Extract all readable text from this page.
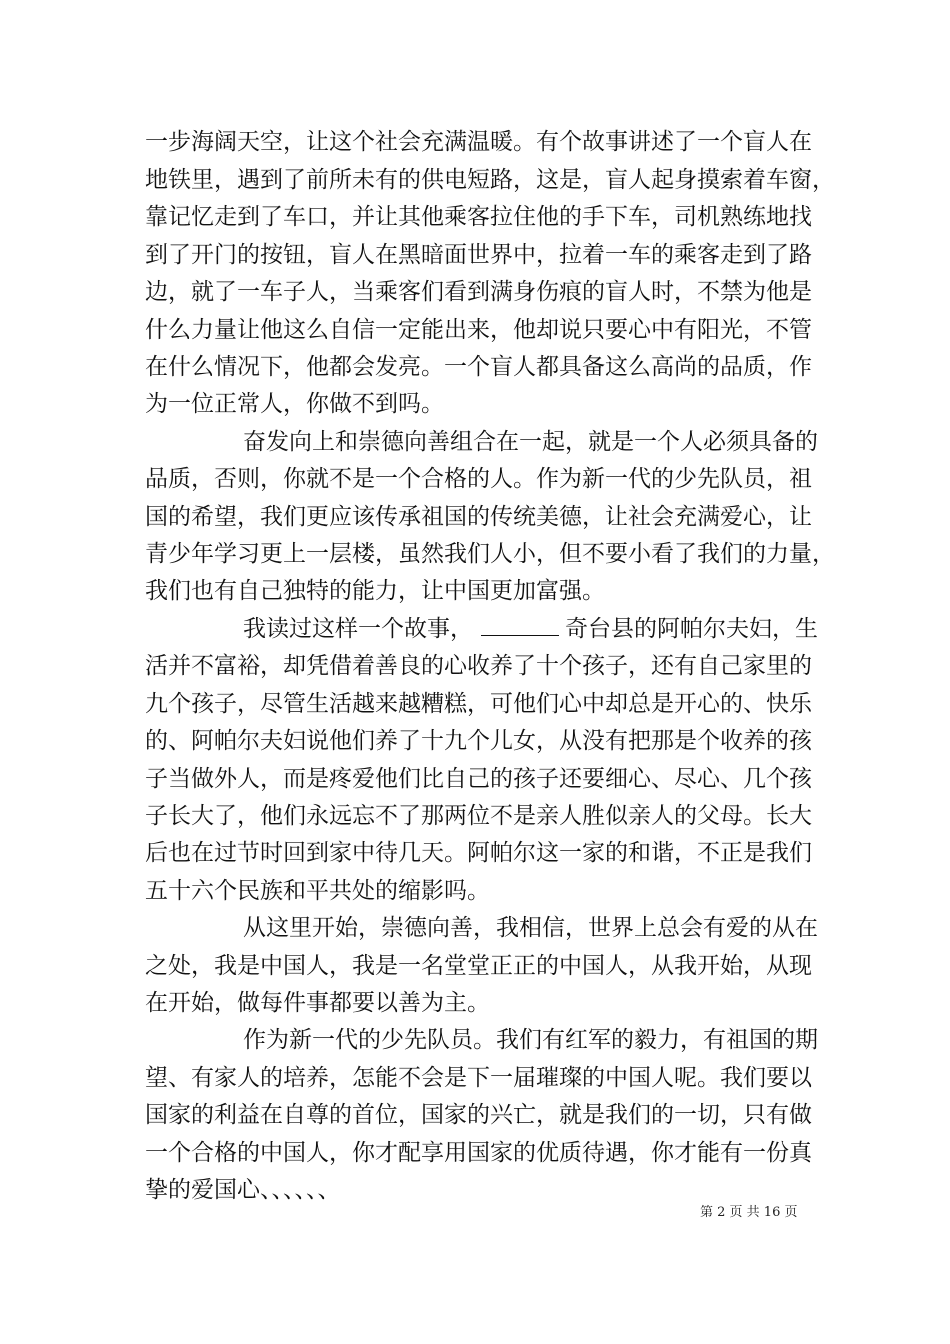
一步海阔天空，让这个社会充满温暖。有个故事讲述了一个盲人在
地铁里，遇到了前所未有的供电短路，这是，盲人起身摸索着车窗，
靠记忆走到了车口，并让其他乘客拉住他的手下车，司机熟练地找
到了开门的按钮，盲人在黑暗面世界中，拉着一车的乘客走到了路
边，就了一车子人，当乘客们看到满身伤痕的盲人时，不禁为他是
什么力量让他这么自信一定能出来，他却说只要心中有阳光，不管
在什么情况下，他都会发亮。一个盲人都具备这么高尚的品质，作
为一位正常人，你做不到吗。
奋发向上和崇德向善组合在一起，就是一个人必须具备的
品质，否则，你就不是一个合格的人。作为新一代的少先队员，祖
国的希望，我们更应该传承祖国的传统美德，让社会充满爱心，让
青少年学习更上一层楼，虽然我们人小，但不要小看了我们的力量，
我们也有自己独特的能力，让中国更加富强。
我读过这样一个故事，	奇台县的阿帕尔夫妇，生
活并不富裕，却凭借着善良的心收养了十个孩子，还有自己家里的
九个孩子，尽管生活越来越糟糕，可他们心中却总是开心的、快乐
的、阿帕尔夫妇说他们养了十九个儿女，从没有把那是个收养的孩
子当做外人，而是疼爱他们比自己的孩子还要细心、尽心、几个孩
子长大了，他们永远忘不了那两位不是亲人胜似亲人的父母。长大
后也在过节时回到家中待几天。阿帕尔这一家的和谐，不正是我们
五十六个民族和平共处的缩影吗。
从这里开始，崇德向善，我相信，世界上总会有爱的从在
之处，我是中国人，我是一名堂堂正正的中国人，从我开始，从现
在开始，做每件事都要以善为主。
作为新一代的少先队员。我们有红军的毅力，有祖国的期
望、有家人的培养，怎能不会是下一届璀璨的中国人呢。我们要以
国家的利益在自尊的首位，国家的兴亡，就是我们的一切，只有做
一个合格的中国人，你才配享用国家的优质待遇，你才能有一份真
挚的爱国心、、、、、、
第 2 页 共 16 页
